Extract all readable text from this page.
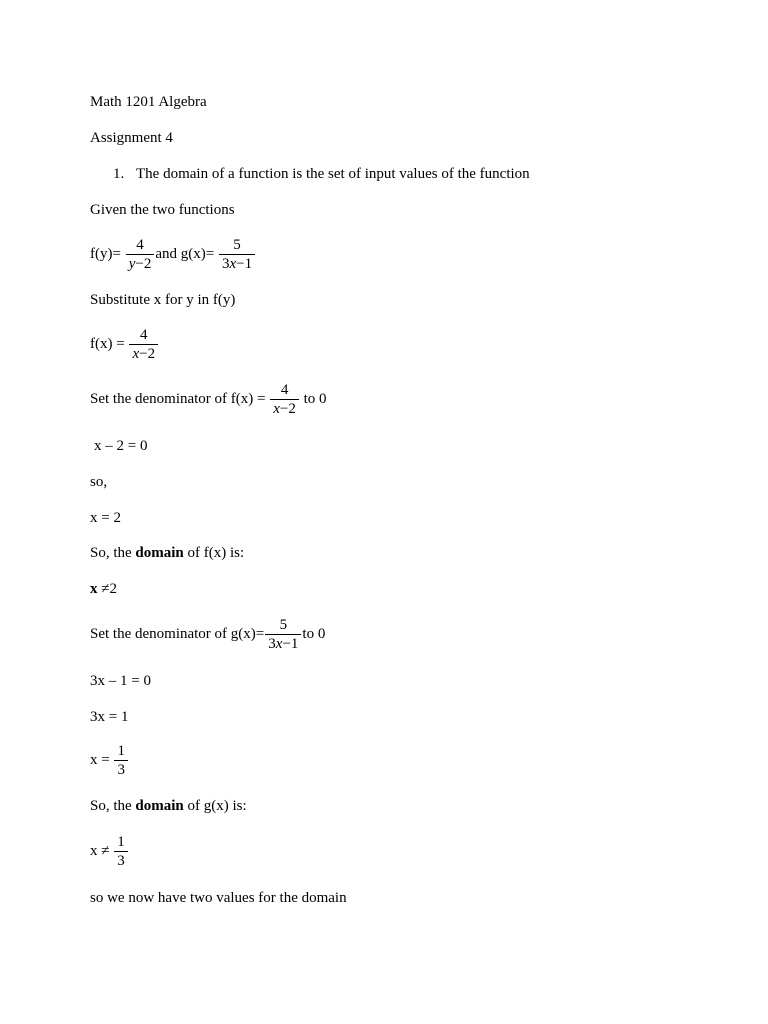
Math 1201 Algebra
Assignment 4
1. The domain of a function is the set of input values of the function
Given the two functions
$f(y)= \frac{4}{y-2}$ and $g(x)= \frac{5}{3x-1}$
Substitute x for y in f(y)
$f(x) = \frac{4}{x-2}$
Set the denominator of $f(x) = \frac{4}{x-2}$ to 0
x – 2 = 0
so,
x = 2
So, the domain of f(x) is:
x ≠2
Set the denominator of $g(x)= \frac{5}{3x-1}$ to 0
3x – 1 = 0
3x = 1
$x = \frac{1}{3}$
So, the domain of g(x) is:
$x \ne \frac{1}{3}$
so we now have two values for the domain
